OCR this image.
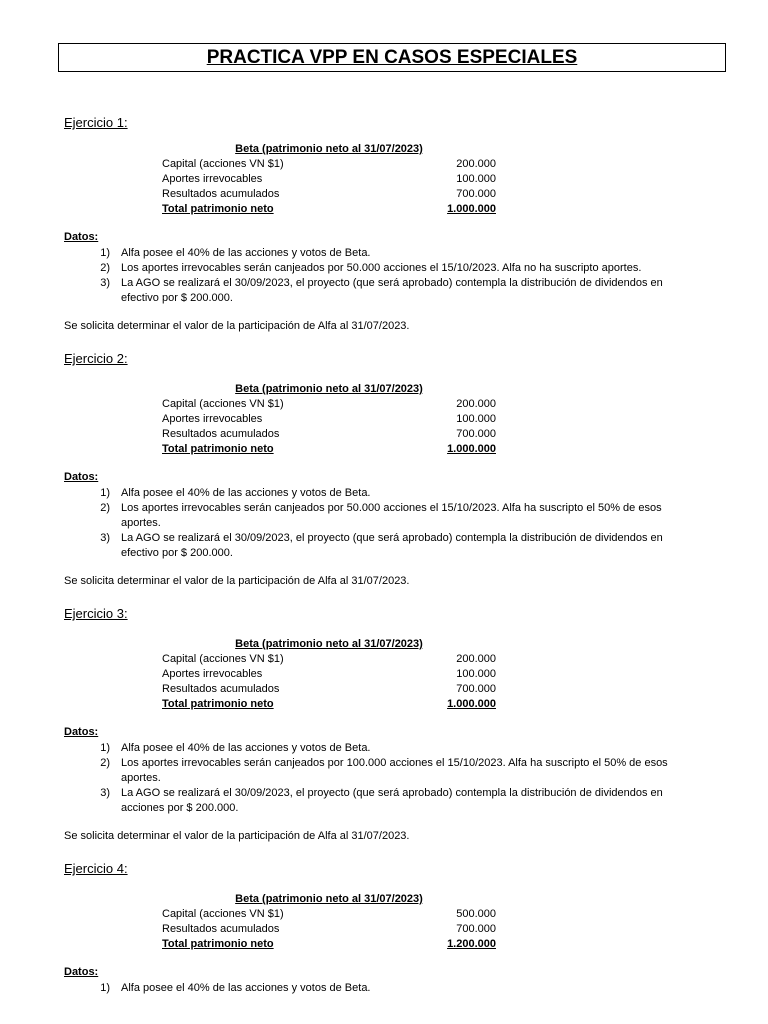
PRACTICA VPP EN CASOS ESPECIALES
Ejercicio 1:
Beta (patrimonio neto al 31/07/2023)
Capital (acciones VN $1)	200.000
Aportes irrevocables	100.000
Resultados acumulados	700.000
Total patrimonio neto	1.000.000
Datos:
1)	Alfa posee el 40% de las acciones y votos de Beta.
2)	Los aportes irrevocables serán canjeados por 50.000 acciones el 15/10/2023. Alfa no ha suscripto aportes.
3)	La AGO se realizará el 30/09/2023, el proyecto (que será aprobado) contempla la distribución de dividendos en efectivo por $ 200.000.
Se solicita determinar el valor de la participación de Alfa al 31/07/2023.
Ejercicio 2:
Beta (patrimonio neto al 31/07/2023)
Capital (acciones VN $1)	200.000
Aportes irrevocables	100.000
Resultados acumulados	700.000
Total patrimonio neto	1.000.000
Datos:
1)	Alfa posee el 40% de las acciones y votos de Beta.
2)	Los aportes irrevocables serán canjeados por 50.000 acciones el 15/10/2023. Alfa ha suscripto el 50% de esos aportes.
3)	La AGO se realizará el 30/09/2023, el proyecto (que será aprobado) contempla la distribución de dividendos en efectivo por $ 200.000.
Se solicita determinar el valor de la participación de Alfa al 31/07/2023.
Ejercicio 3:
Beta (patrimonio neto al 31/07/2023)
Capital (acciones VN $1)	200.000
Aportes irrevocables	100.000
Resultados acumulados	700.000
Total patrimonio neto	1.000.000
Datos:
1)	Alfa posee el 40% de las acciones y votos de Beta.
2)	Los aportes irrevocables serán canjeados por 100.000 acciones el 15/10/2023. Alfa ha suscripto el 50% de esos aportes.
3)	La AGO se realizará el 30/09/2023, el proyecto (que será aprobado) contempla la distribución de dividendos en acciones por $ 200.000.
Se solicita determinar el valor de la participación de Alfa al 31/07/2023.
Ejercicio 4:
Beta (patrimonio neto al 31/07/2023)
Capital (acciones VN $1)	500.000
Resultados acumulados	700.000
Total patrimonio neto	1.200.000
Datos:
1)	Alfa posee el 40% de las acciones y votos de Beta.
